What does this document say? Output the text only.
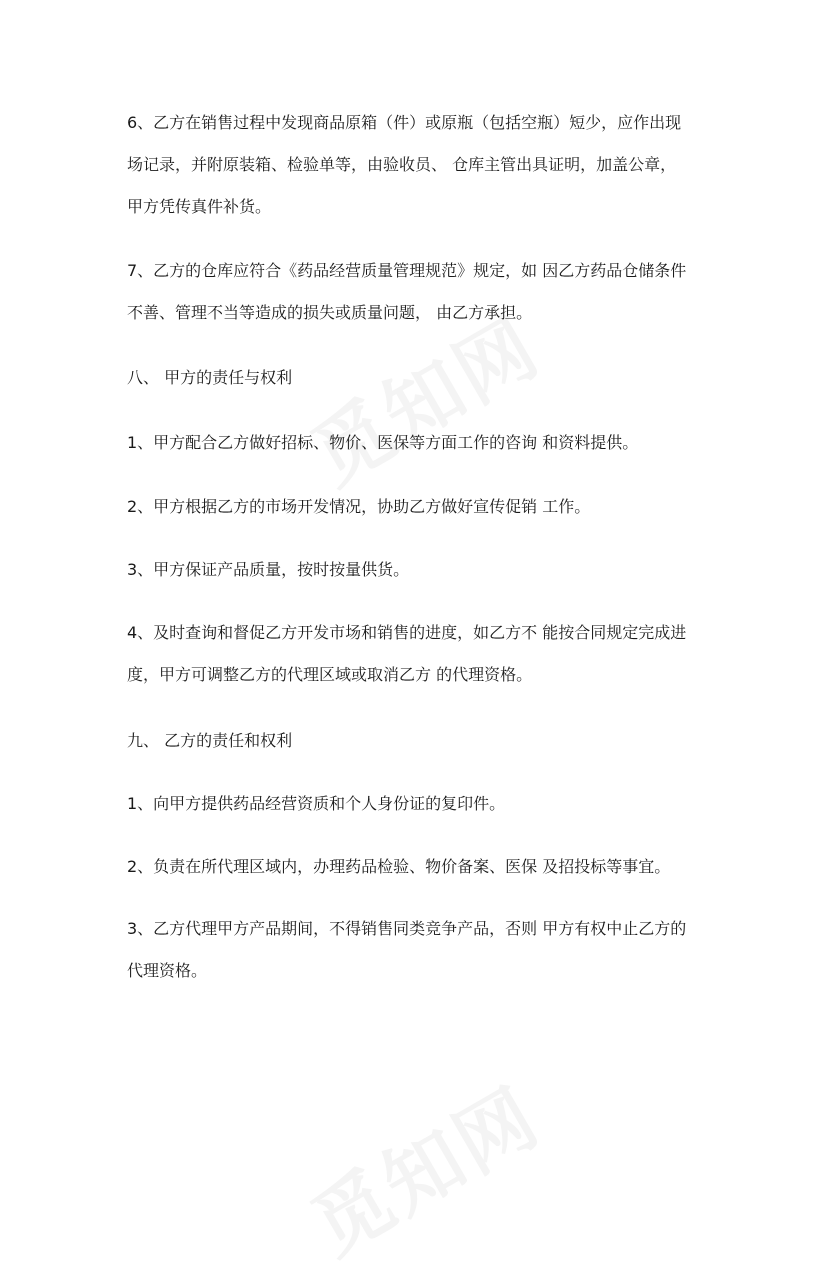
6、乙方在销售过程中发现商品原箱（件）或原瓶（包括空瓶）短少，应作出现
场记录，并附原装箱、检验单等，由验收员、 仓库主管出具证明，加盖公章，
甲方凭传真件补货。
7、乙方的仓库应符合《药品经营质量管理规范》规定，如 因乙方药品仓储条件
不善、管理不当等造成的损失或质量问题， 由乙方承担。
八、 甲方的责任与权利
1、甲方配合乙方做好招标、物价、医保等方面工作的咨询 和资料提供。
2、甲方根据乙方的市场开发情况，协助乙方做好宣传促销 工作。
3、甲方保证产品质量，按时按量供货。
4、及时查询和督促乙方开发市场和销售的进度，如乙方不 能按合同规定完成进
度，甲方可调整乙方的代理区域或取消乙方 的代理资格。
九、 乙方的责任和权利
1、向甲方提供药品经营资质和个人身份证的复印件。
2、负责在所代理区域内，办理药品检验、物价备案、医保 及招投标等事宜。
3、乙方代理甲方产品期间，不得销售同类竞争产品，否则 甲方有权中止乙方的
代理资格。
